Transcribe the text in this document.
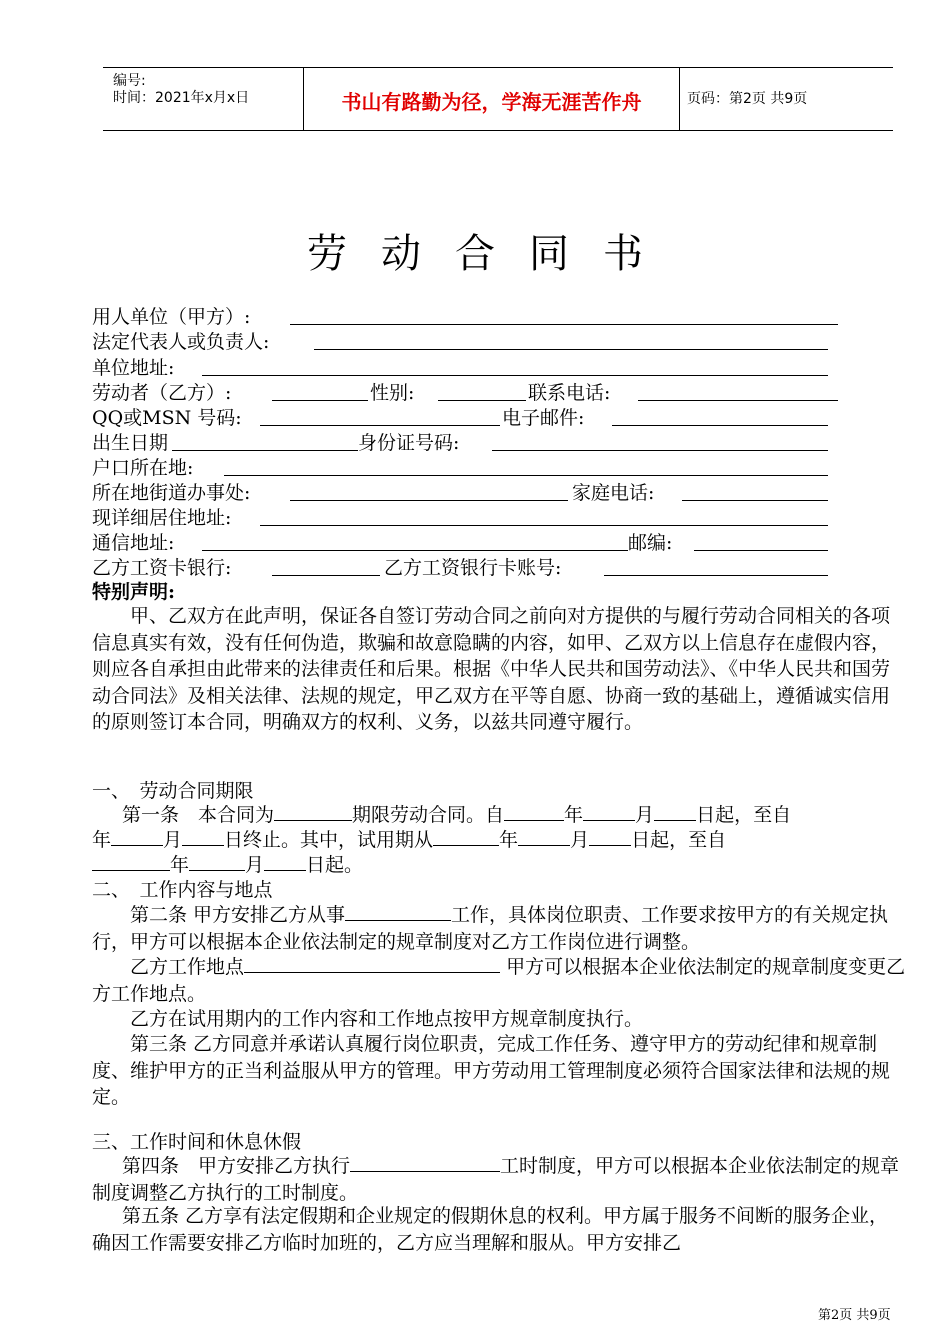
编号:
时间：2021年x月x日	书山有路勤为径，学海无涯苦作舟	页码：第2页 共9页
劳动合同书
用人单位（甲方）:
法定代表人或负责人:
单位地址:
劳动者（乙方）:	性别:	联系电话:
QQ或MSN 号码:	电子邮件:
出生日期	身份证号码:
户口所在地:
所在地街道办事处:	家庭电话:
现详细居住地址:
通信地址:	邮编:
乙方工资卡银行:	乙方工资银行卡账号:
特别声明:
甲、乙双方在此声明，保证各自签订劳动合同之前向对方提供的与履行劳动合同相关的各项信息真实有效，没有任何伪造，欺骗和故意隐瞒的内容，如甲、乙双方以上信息存在虚假内容，则应各自承担由此带来的法律责任和后果。根据《中华人民共和国劳动法》、《中华人民共和国劳动合同法》及相关法律、法规的规定，甲乙双方在平等自愿、协商一致的基础上，遵循诚实信用的原则签订本合同，明确双方的权利、义务，以兹共同遵守履行。
一、　劳动合同期限
第一条　本合同为	期限劳动合同。自	年	月 日起，至自
年	月 日终止。其中，试用期从	年	月 日起，至自
年	月 日起。
二、　工作内容与地点
第二条 甲方安排乙方从事	工作，具体岗位职责、工作要求按甲方的有关规定执行，甲方可以根据本企业依法制定的规章制度对乙方工作岗位进行调整。
乙方工作地点	甲方可以根据本企业依法制定的规章制度变更乙方工作地点。
乙方在试用期内的工作内容和工作地点按甲方规章制度执行。
第三条 乙方同意并承诺认真履行岗位职责，完成工作任务、遵守甲方的劳动纪律和规章制度、维护甲方的正当利益服从甲方的管理。甲方劳动用工管理制度必须符合国家法律和法规的规定。
三、工作时间和休息休假
第四条　甲方安排乙方执行	工时制度，甲方可以根据本企业依法制定的规章制度调整乙方执行的工时制度。
第五条 乙方享有法定假期和企业规定的假期休息的权利。甲方属于服务不间断的服务企业，确因工作需要安排乙方临时加班的，乙方应当理解和服从。甲方安排乙
第2页 共9页
